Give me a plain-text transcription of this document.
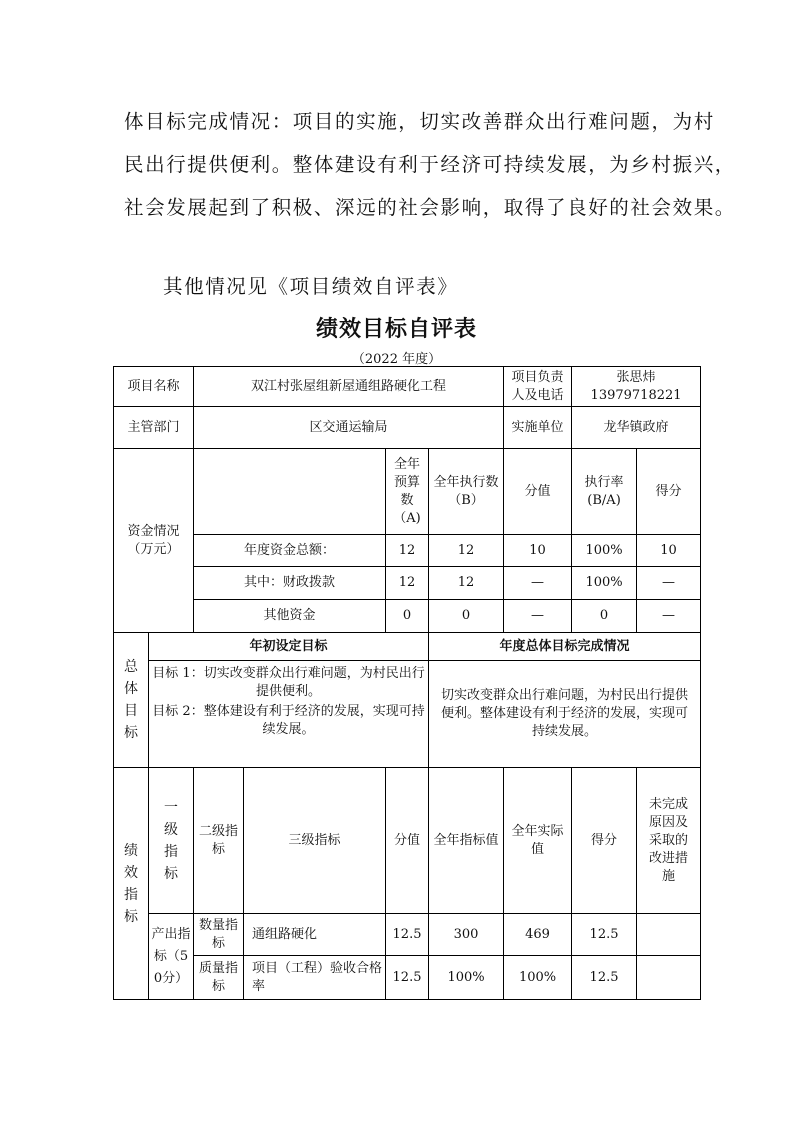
体目标完成情况：项目的实施，切实改善群众出行难问题，为村
民出行提供便利。整体建设有利于经济可持续发展，为乡村振兴，
社会发展起到了积极、深远的社会影响，取得了良好的社会效果。
其他情况见《项目绩效自评表》
绩效目标自评表
（2022 年度）
项目名称		双江村张屋组新屋通组路硬化工程				项目负责人及电话	张思炜
13979718221	

主管部门		区交通运输局				实施单位	龙华镇政府	
资金情况（万元）				全年预算数（A)	全年执行数（B）	分值	执行率(B/A)	得分
		年度资金总额：		12	12	10	100%	10
		其中：财政拨款		12	12	—	100%	—
		其他资金		0	0	—	0	—

总体目标	年初设定目标				年度总体目标完成情况			

	目标 1：切实改变群众出行难问题，为村民出行提供便利。
目标 2：整体建设有利于经济的发展，实现可持续发展。				切实改变群众出行难问题，为村民出行提供便利。整体建设有利于经济的发展，实现可持续发展。			

绩效指标	一级指标	二级指标	三级指标	分值	全年指标值	全年实际值	得分	未完成原因及采取的改进措施

	产出指标（50分）	数量指标	通组路硬化	12.5	300	469	12.5	
		质量指标	项目（工程）验收合格率	12.5	100%	100%	12.5	
